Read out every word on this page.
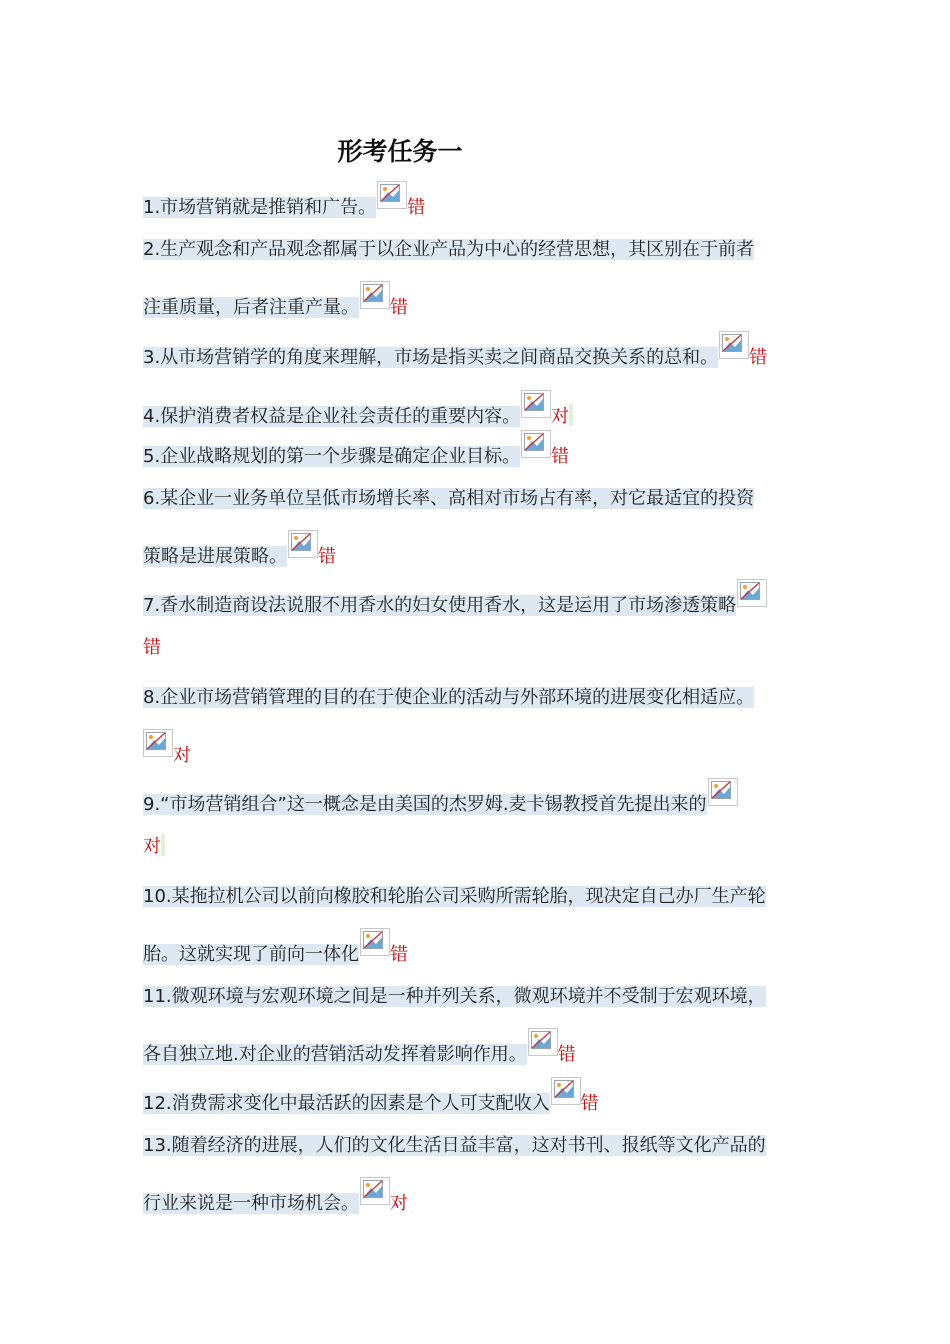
形考任务一
1.市场营销就是推销和广告。 错
2.生产观念和产品观念都属于以企业产品为中心的经营思想，其区别在于前者
注重质量，后者注重产量。 错
3.从市场营销学的角度来理解，市场是指买卖之间商品交换关系的总和。 错
4.保护消费者权益是企业社会责任的重要内容。 对
5.企业战略规划的第一个步骤是确定企业目标。 错
6.某企业一业务单位呈低市场增长率、高相对市场占有率，对它最适宜的投资
策略是进展策略。 错
7.香水制造商设法说服不用香水的妇女使用香水，这是运用了市场渗透策略
错
8.企业市场营销管理的目的在于使企业的活动与外部环境的进展变化相适应。
对
9.“市场营销组合”这一概念是由美国的杰罗姆.麦卡锡教授首先提出来的
对
10.某拖拉机公司以前向橡胶和轮胎公司采购所需轮胎，现决定自己办厂生产轮
胎。这就实现了前向一体化 错
11.微观环境与宏观环境之间是一种并列关系，微观环境并不受制于宏观环境，
各自独立地.对企业的营销活动发挥着影响作用。 错
12.消费需求变化中最活跃的因素是个人可支配收入 错
13.随着经济的进展，人们的文化生活日益丰富，这对书刊、报纸等文化产品的
行业来说是一种市场机会。 对
